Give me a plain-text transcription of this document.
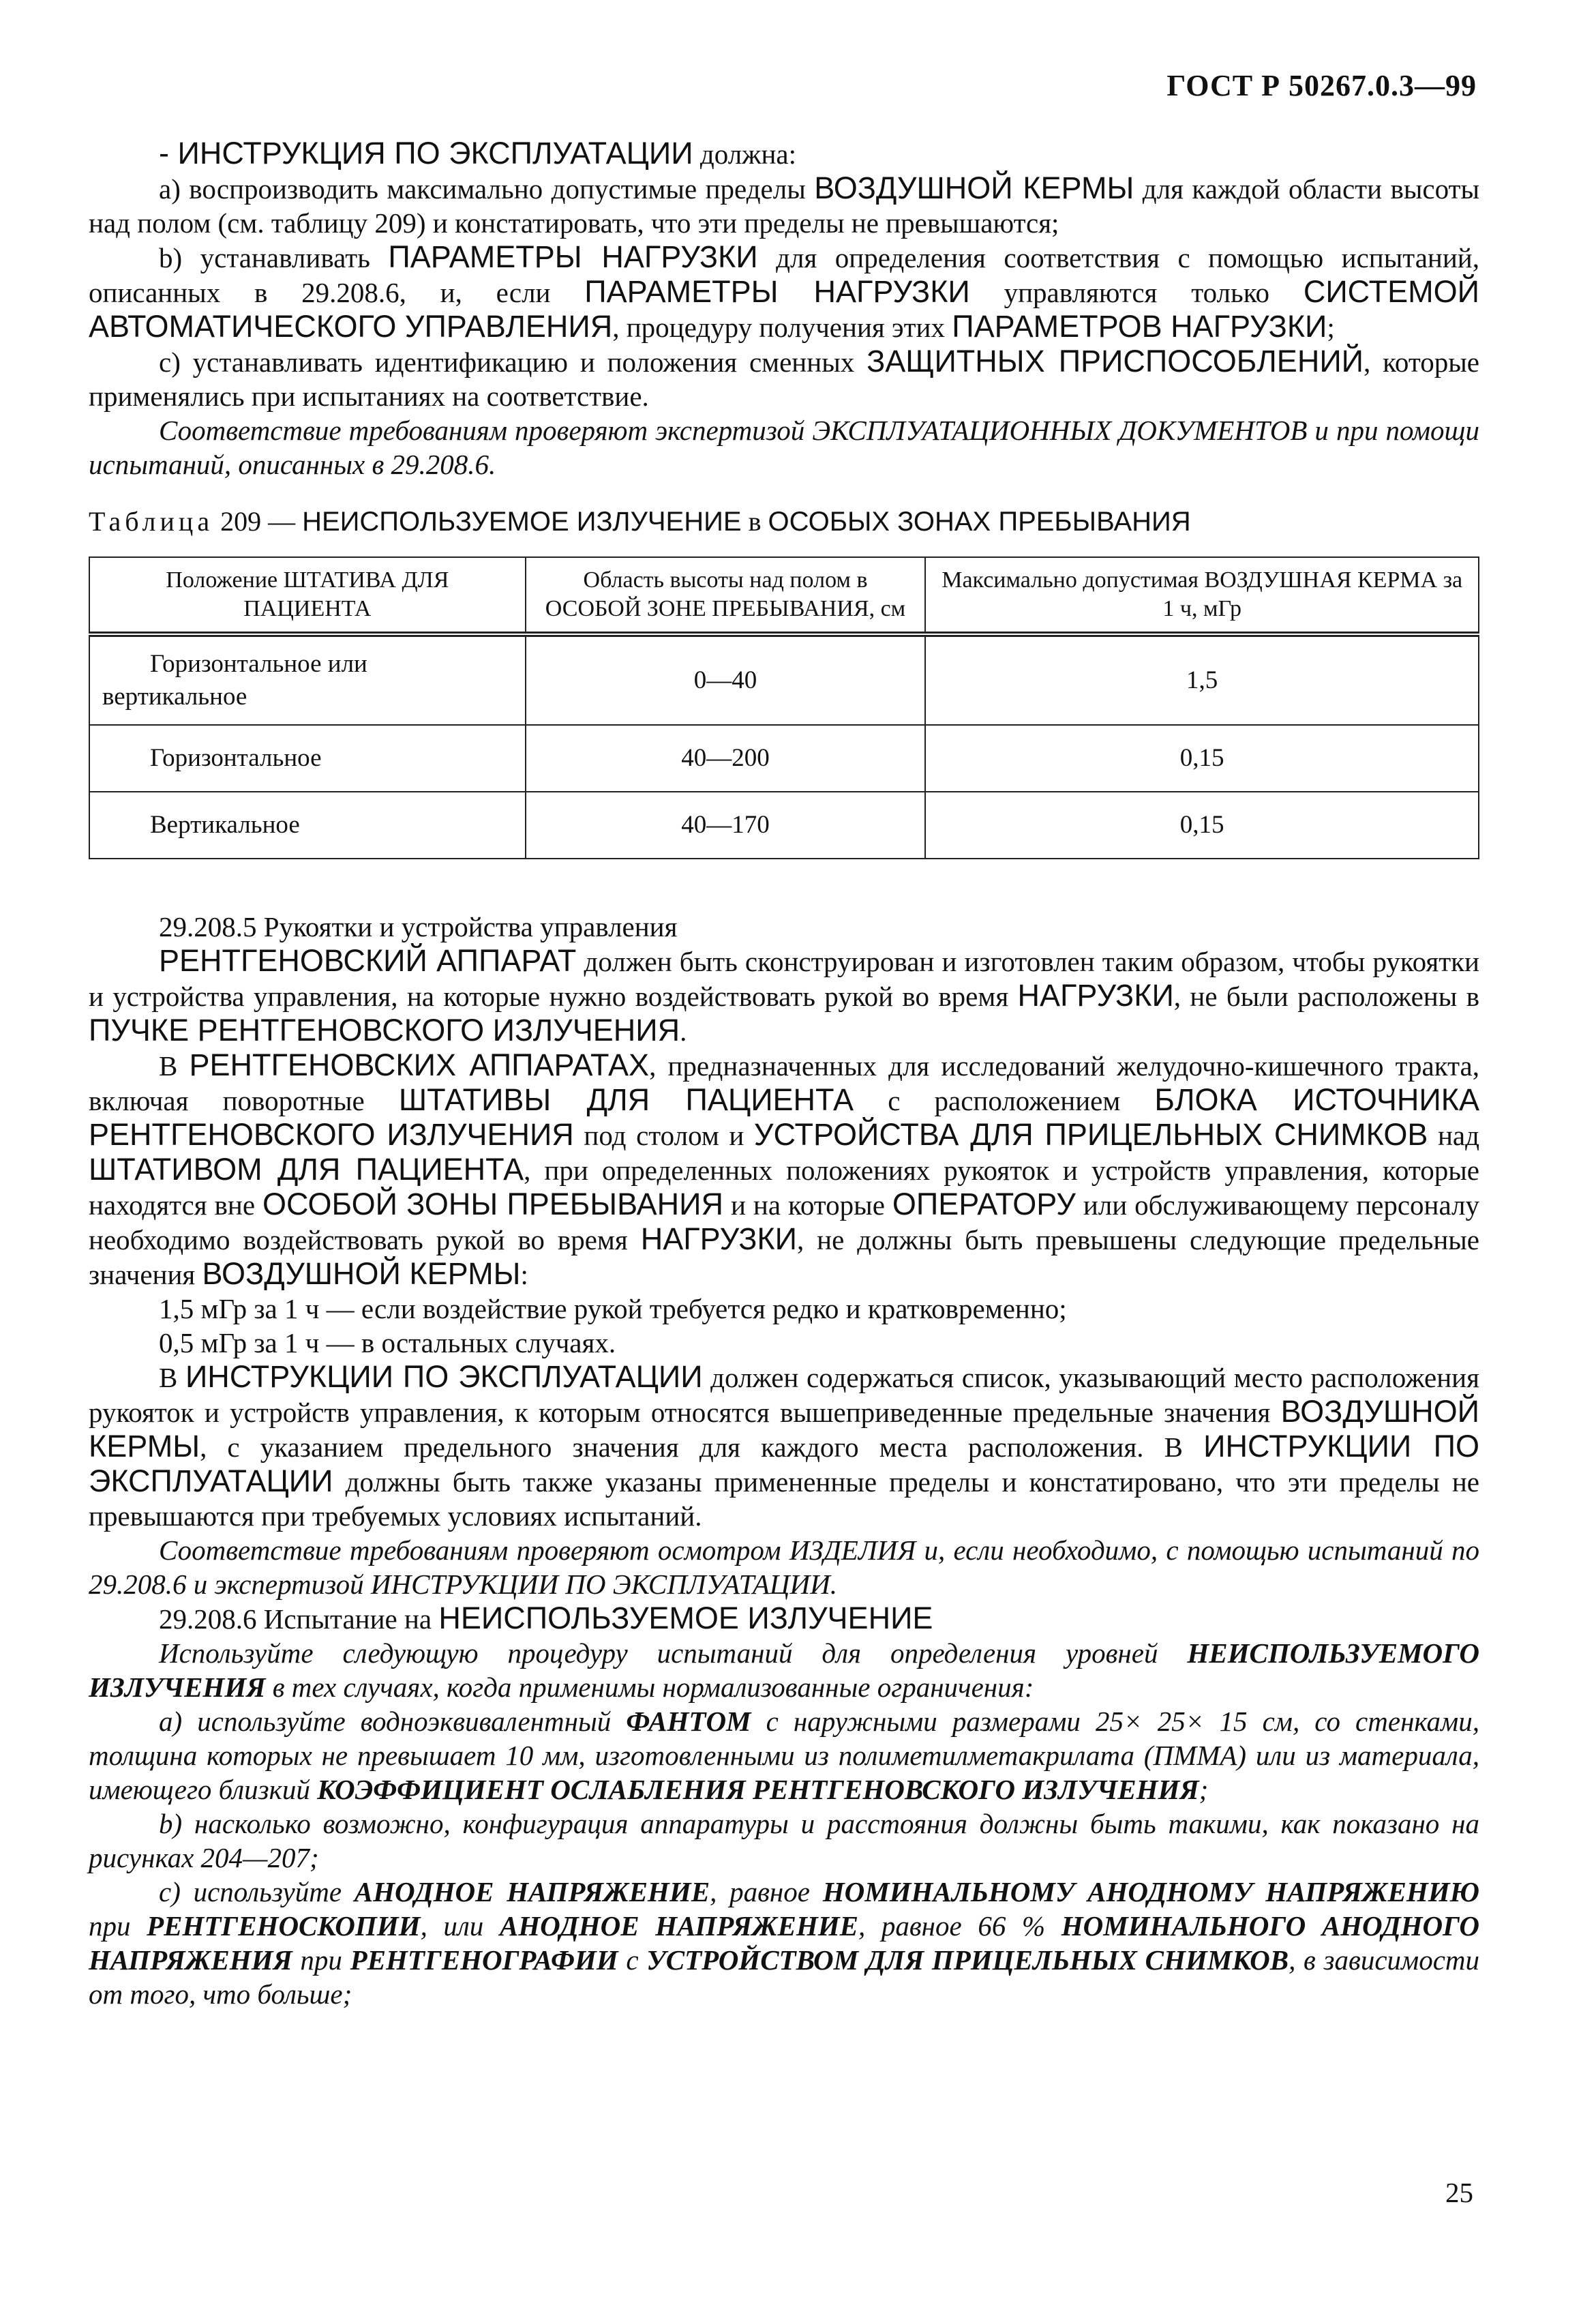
ГОСТ Р 50267.0.3—99

- ИНСТРУКЦИЯ ПО ЭКСПЛУАТАЦИИ должна:

а) воспроизводить максимально допустимые пределы ВОЗДУШНОЙ КЕРМЫ для каждой области высоты над полом (см. таблицу 209) и констатировать, что эти пределы не превышаются;

b) устанавливать ПАРАМЕТРЫ НАГРУЗКИ для определения соответствия с помощью испытаний, описанных в 29.208.6, и, если ПАРАМЕТРЫ НАГРУЗКИ управляются только СИСТЕМОЙ АВТОМАТИЧЕСКОГО УПРАВЛЕНИЯ, процедуру получения этих ПАРАМЕТРОВ НАГРУЗКИ;

с) устанавливать идентификацию и положения сменных ЗАЩИТНЫХ ПРИСПОСОБЛЕНИЙ, которые применялись при испытаниях на соответствие.

Соответствие требованиям проверяют экспертизой ЭКСПЛУАТАЦИОННЫХ ДОКУМЕНТОВ и при помощи испытаний, описанных в 29.208.6.

Таблица 209 — НЕИСПОЛЬЗУЕМОЕ ИЗЛУЧЕНИЕ в ОСОБЫХ ЗОНАХ ПРЕБЫВАНИЯ

Положение ШТАТИВА ДЛЯ ПАЦИЕНТА	Область высоты над полом в ОСОБОЙ ЗОНЕ ПРЕБЫВАНИЯ, см	Максимально допустимая ВОЗДУШНАЯ КЕРМА за 1 ч, мГр
Горизонтальное или вертикальное	0—40	1,5
Горизонтальное	40—200	0,15
Вертикальное	40—170	0,15

29.208.5 Рукоятки и устройства управления

РЕНТГЕНОВСКИЙ АППАРАТ должен быть сконструирован и изготовлен таким образом, чтобы рукоятки и устройства управления, на которые нужно воздействовать рукой во время НАГРУЗКИ, не были расположены в ПУЧКЕ РЕНТГЕНОВСКОГО ИЗЛУЧЕНИЯ.

В РЕНТГЕНОВСКИХ АППАРАТАХ, предназначенных для исследований желудочно-кишечного тракта, включая поворотные ШТАТИВЫ ДЛЯ ПАЦИЕНТА с расположением БЛОКА ИСТОЧНИКА РЕНТГЕНОВСКОГО ИЗЛУЧЕНИЯ под столом и УСТРОЙСТВА ДЛЯ ПРИЦЕЛЬНЫХ СНИМКОВ над ШТАТИВОМ ДЛЯ ПАЦИЕНТА, при определенных положениях рукояток и устройств управления, которые находятся вне ОСОБОЙ ЗОНЫ ПРЕБЫВАНИЯ и на которые ОПЕРАТОРУ или обслуживающему персоналу необходимо воздействовать рукой во время НАГРУЗКИ, не должны быть превышены следующие предельные значения ВОЗДУШНОЙ КЕРМЫ:

1,5 мГр за 1 ч — если воздействие рукой требуется редко и кратковременно;

0,5 мГр за 1 ч — в остальных случаях.

В ИНСТРУКЦИИ ПО ЭКСПЛУАТАЦИИ должен содержаться список, указывающий место расположения рукояток и устройств управления, к которым относятся вышеприведенные предельные значения ВОЗДУШНОЙ КЕРМЫ, с указанием предельного значения для каждого места расположения. В ИНСТРУКЦИИ ПО ЭКСПЛУАТАЦИИ должны быть также указаны примененные пределы и констатировано, что эти пределы не превышаются при требуемых условиях испытаний.

Соответствие требованиям проверяют осмотром ИЗДЕЛИЯ и, если необходимо, с помощью испытаний по 29.208.6 и экспертизой ИНСТРУКЦИИ ПО ЭКСПЛУАТАЦИИ.

29.208.6 Испытание на НЕИСПОЛЬЗУЕМОЕ ИЗЛУЧЕНИЕ

Используйте следующую процедуру испытаний для определения уровней НЕИСПОЛЬЗУЕМОГО ИЗЛУЧЕНИЯ в тех случаях, когда применимы нормализованные ограничения:

а) используйте водноэквивалентный ФАНТОМ с наружными размерами 25× 25× 15 см, со стенками, толщина которых не превышает 10 мм, изготовленными из полиметилметакрилата (ПММА) или из материала, имеющего близкий КОЭФФИЦИЕНТ ОСЛАБЛЕНИЯ РЕНТГЕНОВСКОГО ИЗЛУЧЕНИЯ;

b) насколько возможно, конфигурация аппаратуры и расстояния должны быть такими, как показано на рисунках 204—207;

с) используйте АНОДНОЕ НАПРЯЖЕНИЕ, равное НОМИНАЛЬНОМУ АНОДНОМУ НАПРЯЖЕНИЮ при РЕНТГЕНОСКОПИИ, или АНОДНОЕ НАПРЯЖЕНИЕ, равное 66 % НОМИНАЛЬНОГО АНОДНОГО НАПРЯЖЕНИЯ при РЕНТГЕНОГРАФИИ с УСТРОЙСТВОМ ДЛЯ ПРИЦЕЛЬНЫХ СНИМКОВ, в зависимости от того, что больше;

25
